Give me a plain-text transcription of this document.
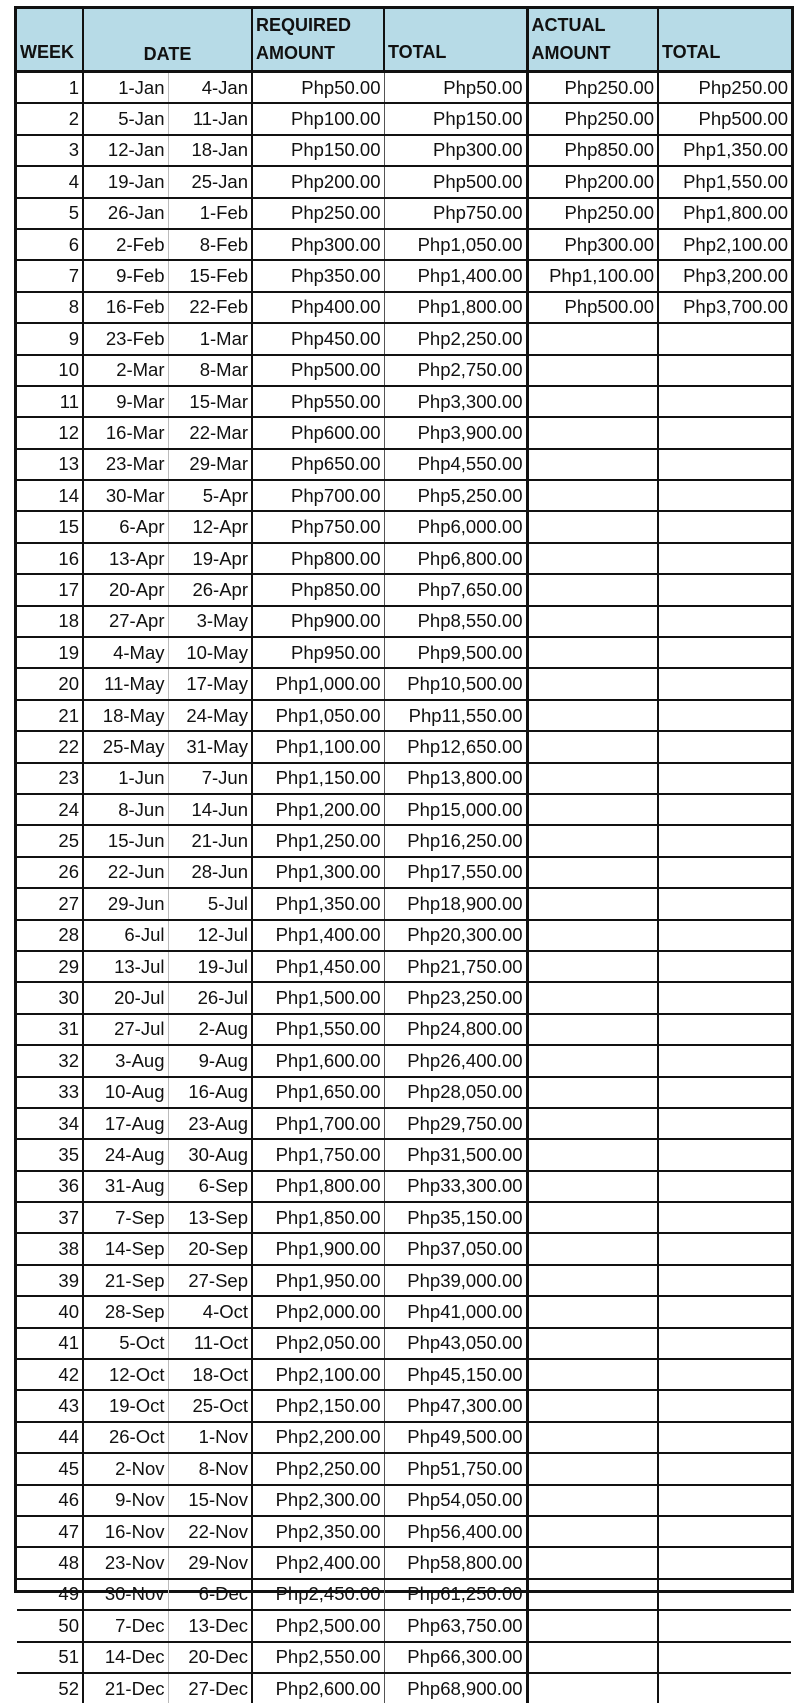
WEEK	DATE		REQUIRED
AMOUNT	TOTAL	ACTUAL
AMOUNT	TOTAL
1	1-Jan	4-Jan	Php50.00	Php50.00	Php250.00	Php250.00
2	5-Jan	11-Jan	Php100.00	Php150.00	Php250.00	Php500.00
3	12-Jan	18-Jan	Php150.00	Php300.00	Php850.00	Php1,350.00
4	19-Jan	25-Jan	Php200.00	Php500.00	Php200.00	Php1,550.00
5	26-Jan	1-Feb	Php250.00	Php750.00	Php250.00	Php1,800.00
6	2-Feb	8-Feb	Php300.00	Php1,050.00	Php300.00	Php2,100.00
7	9-Feb	15-Feb	Php350.00	Php1,400.00	Php1,100.00	Php3,200.00
8	16-Feb	22-Feb	Php400.00	Php1,800.00	Php500.00	Php3,700.00
9	23-Feb	1-Mar	Php450.00	Php2,250.00		
10	2-Mar	8-Mar	Php500.00	Php2,750.00		
11	9-Mar	15-Mar	Php550.00	Php3,300.00		
12	16-Mar	22-Mar	Php600.00	Php3,900.00		
13	23-Mar	29-Mar	Php650.00	Php4,550.00		
14	30-Mar	5-Apr	Php700.00	Php5,250.00		
15	6-Apr	12-Apr	Php750.00	Php6,000.00		
16	13-Apr	19-Apr	Php800.00	Php6,800.00		
17	20-Apr	26-Apr	Php850.00	Php7,650.00		
18	27-Apr	3-May	Php900.00	Php8,550.00		
19	4-May	10-May	Php950.00	Php9,500.00		
20	11-May	17-May	Php1,000.00	Php10,500.00		
21	18-May	24-May	Php1,050.00	Php11,550.00		
22	25-May	31-May	Php1,100.00	Php12,650.00		
23	1-Jun	7-Jun	Php1,150.00	Php13,800.00		
24	8-Jun	14-Jun	Php1,200.00	Php15,000.00		
25	15-Jun	21-Jun	Php1,250.00	Php16,250.00		
26	22-Jun	28-Jun	Php1,300.00	Php17,550.00		
27	29-Jun	5-Jul	Php1,350.00	Php18,900.00		
28	6-Jul	12-Jul	Php1,400.00	Php20,300.00		
29	13-Jul	19-Jul	Php1,450.00	Php21,750.00		
30	20-Jul	26-Jul	Php1,500.00	Php23,250.00		
31	27-Jul	2-Aug	Php1,550.00	Php24,800.00		
32	3-Aug	9-Aug	Php1,600.00	Php26,400.00		
33	10-Aug	16-Aug	Php1,650.00	Php28,050.00		
34	17-Aug	23-Aug	Php1,700.00	Php29,750.00		
35	24-Aug	30-Aug	Php1,750.00	Php31,500.00		
36	31-Aug	6-Sep	Php1,800.00	Php33,300.00		
37	7-Sep	13-Sep	Php1,850.00	Php35,150.00		
38	14-Sep	20-Sep	Php1,900.00	Php37,050.00		
39	21-Sep	27-Sep	Php1,950.00	Php39,000.00		
40	28-Sep	4-Oct	Php2,000.00	Php41,000.00		
41	5-Oct	11-Oct	Php2,050.00	Php43,050.00		
42	12-Oct	18-Oct	Php2,100.00	Php45,150.00		
43	19-Oct	25-Oct	Php2,150.00	Php47,300.00		
44	26-Oct	1-Nov	Php2,200.00	Php49,500.00		
45	2-Nov	8-Nov	Php2,250.00	Php51,750.00		
46	9-Nov	15-Nov	Php2,300.00	Php54,050.00		
47	16-Nov	22-Nov	Php2,350.00	Php56,400.00		
48	23-Nov	29-Nov	Php2,400.00	Php58,800.00		
49	30-Nov	6-Dec	Php2,450.00	Php61,250.00		
50	7-Dec	13-Dec	Php2,500.00	Php63,750.00		
51	14-Dec	20-Dec	Php2,550.00	Php66,300.00		
52	21-Dec	27-Dec	Php2,600.00	Php68,900.00		
